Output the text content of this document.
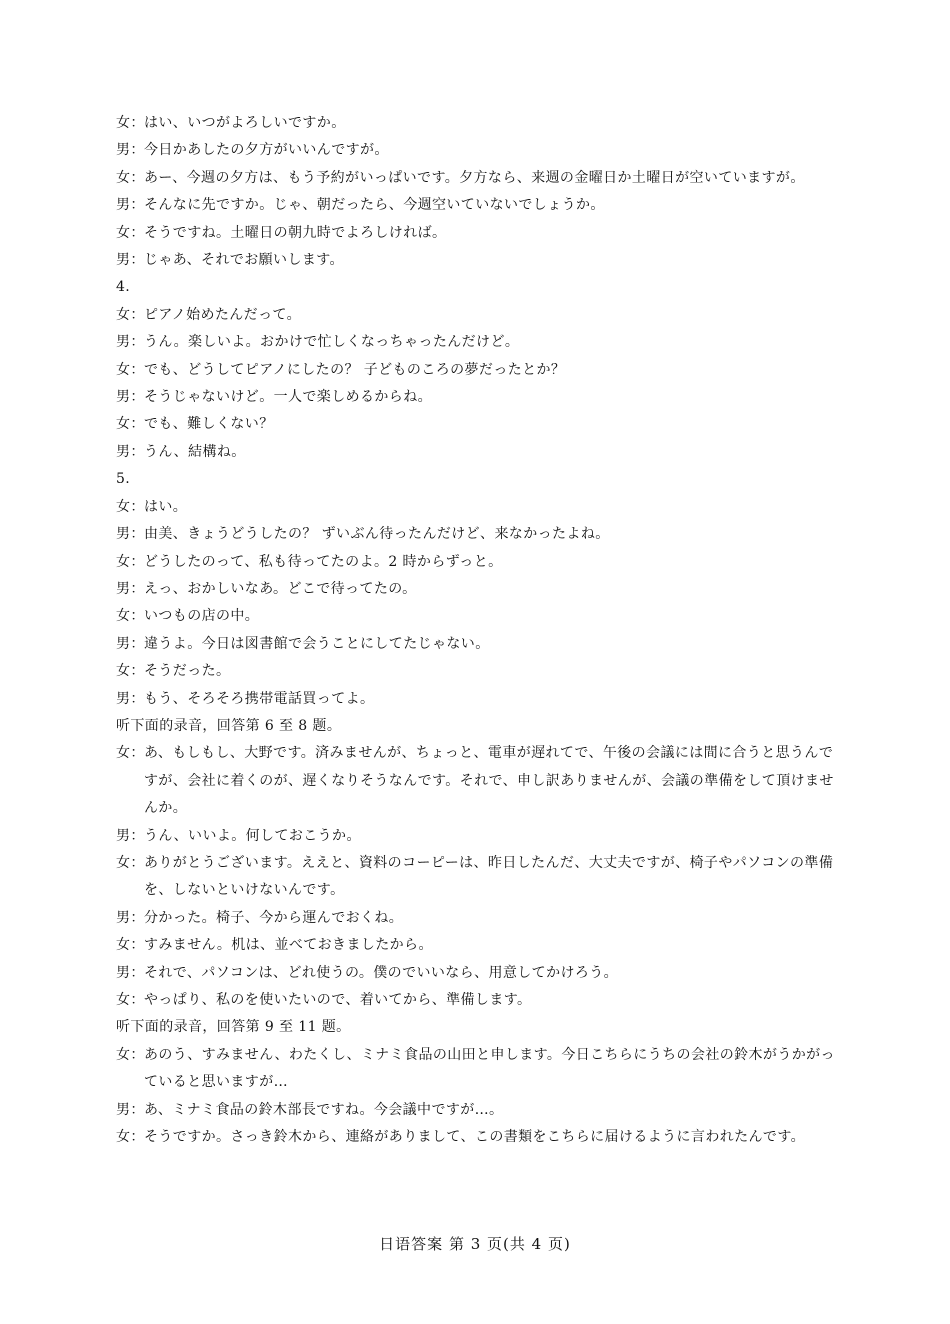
女： はい、いつがよろしいですか。
男： 今日かあしたの夕方がいいんですが。
女： あー、今週の夕方は、もう予約がいっぱいです。夕方なら、来週の金曜日か土曜日が空いていますが。
男： そんなに先ですか。じゃ、朝だったら、今週空いていないでしょうか。
女： そうですね。土曜日の朝九時でよろしければ。
男： じゃあ、それでお願いします。
4.
女： ピアノ始めたんだって。
男： うん。楽しいよ。おかけで忙しくなっちゃったんだけど。
女： でも、どうしてピアノにしたの？ 子どものころの夢だったとか？
男： そうじゃないけど。一人で楽しめるからね。
女： でも、難しくない？
男： うん、結構ね。
5.
女： はい。
男： 由美、きょうどうしたの？ ずいぶん待ったんだけど、来なかったよね。
女： どうしたのって、私も待ってたのよ。2 時からずっと。
男： えっ、おかしいなあ。どこで待ってたの。
女： いつもの店の中。
男： 違うよ。今日は図書館で会うことにしてたじゃない。
女： そうだった。
男： もう、そろそろ携帯電話買ってよ。
听下面的录音，回答第 6 至 8 题。
女： あ、もしもし、大野です。済みませんが、ちょっと、電車が遅れてで、午後の会議には間に合うと思うんですが、会社に着くのが、遅くなりそうなんです。それで、申し訳ありませんが、会議の準備をして頂けませんか。
男： うん、いいよ。何しておこうか。
女： ありがとうございます。ええと、資料のコーピーは、昨日したんだ、大丈夫ですが、椅子やパソコンの準備を、しないといけないんです。
男： 分かった。椅子、今から運んでおくね。
女： すみません。机は、並べておきましたから。
男： それで、パソコンは、どれ使うの。僕のでいいなら、用意してかけろう。
女： やっぱり、私のを使いたいので、着いてから、準備します。
听下面的录音，回答第 9 至 11 题。
女： あのう、すみません、わたくし、ミナミ食品の山田と申します。今日こちらにうちの会社の鈴木がうかがっていると思いますが…
男： あ、ミナミ食品の鈴木部長ですね。今会議中ですが…。
女： そうですか。さっき鈴木から、連絡がありまして、この書類をこちらに届けるように言われたんです。
日语答案 第 3 页(共 4 页)
